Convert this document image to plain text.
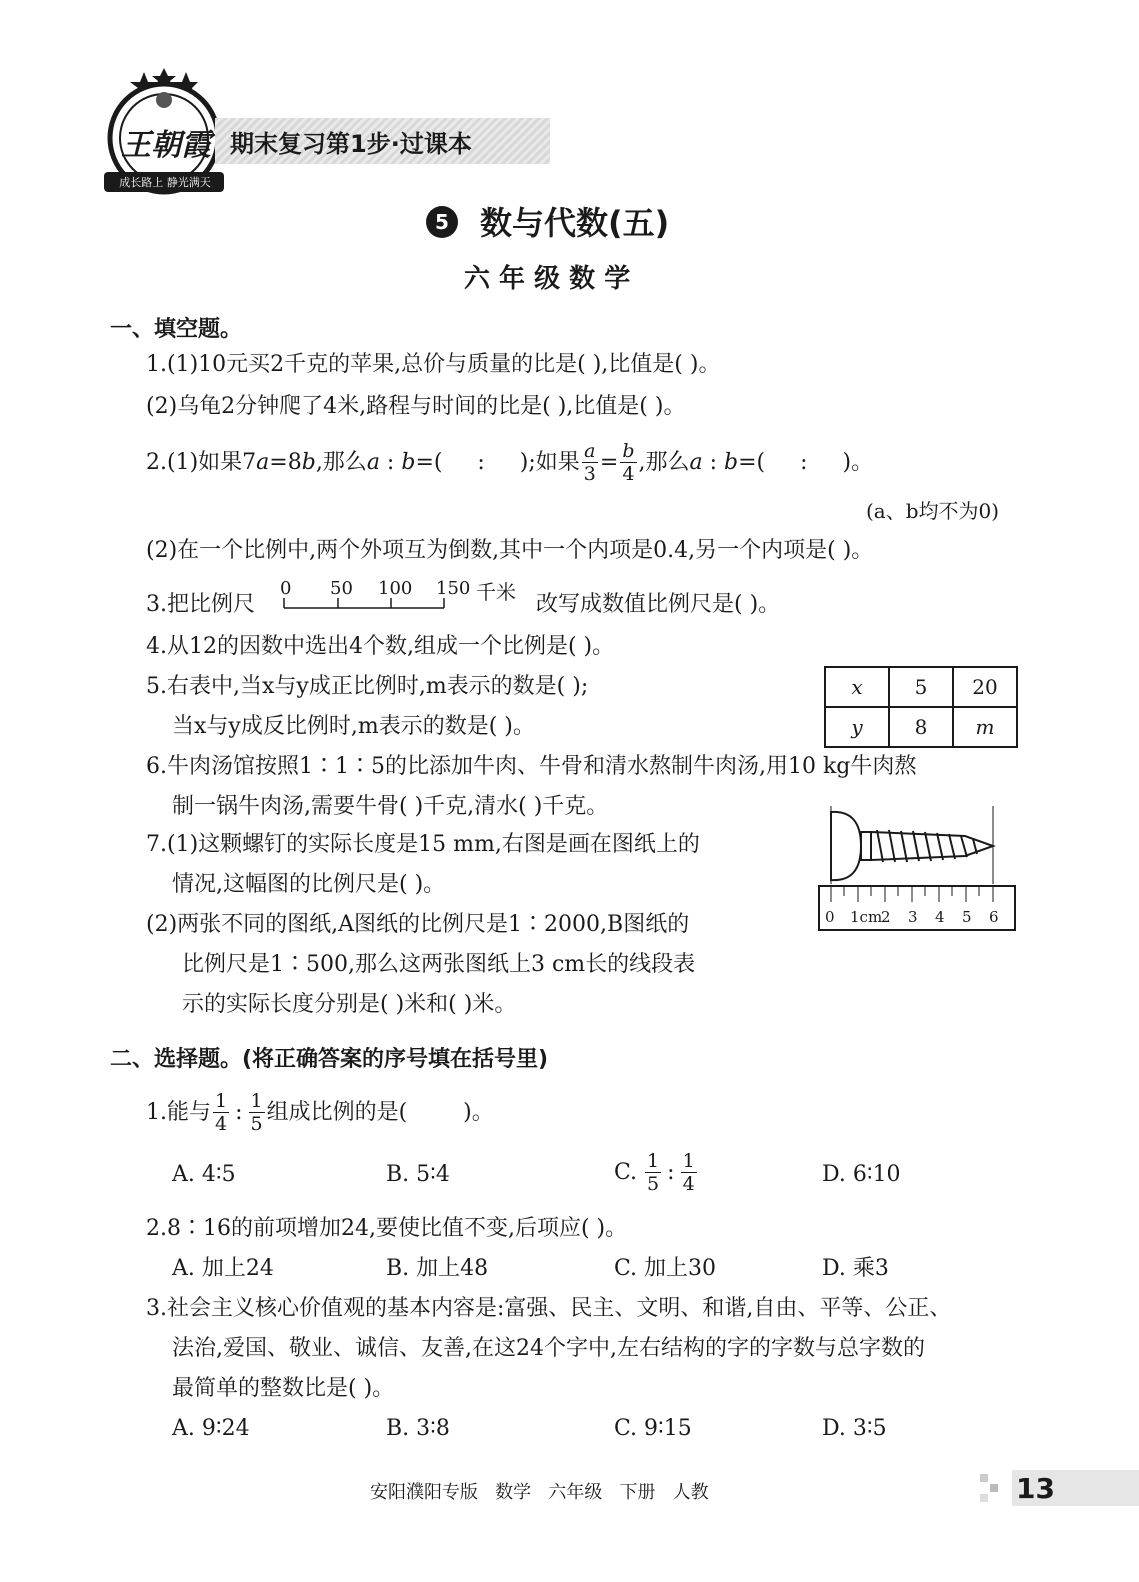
王朝霞
成长路上 静光满天
期末复习第1步·过课本
5 数与代数(五)
六 年 级 数 学
一、填空题。
1.(1)10元买2千克的苹果,总价与质量的比是( ),比值是( )。
(2)乌龟2分钟爬了4米,路程与时间的比是( ),比值是( )。
2.(1)如果7 a =8 b ,那么 a : b =(     :     );如果 $\frac{a}{3} = \frac{b}{4}$ ,那么 a : b =(     :     )。
(a、b均不为0)
(2)在一个比例中,两个外项互为倒数,其中一个内项是0.4,另一个内项是( )。
3.把比例尺
0 50 100 150 千米 改写成数值比例尺是( )。
4.从12的因数中选出4个数,组成一个比例是( )。
5.右表中,当x与y成正比例时,m表示的数是( );
当x与y成反比例时,m表示的数是( )。
x	5	20
y	8	m
6.牛肉汤馆按照1∶1∶5的比添加牛肉、牛骨和清水熬制牛肉汤,用10 kg牛肉熬
制一锅牛肉汤,需要牛骨( )千克,清水( )千克。
7.(1)这颗螺钉的实际长度是15 mm,右图是画在图纸上的
情况,这幅图的比例尺是( )。
(2)两张不同的图纸,A图纸的比例尺是1∶2000,B图纸的
比例尺是1∶500,那么这两张图纸上3 cm长的线段表
示的实际长度分别是( )米和( )米。
0 1cm
2 3 4 5 6
二、选择题。(将正确答案的序号填在括号里)
1.能与 $\frac{1}{4}$ : $\frac{1}{5}$ 组成比例的是(        )。
A. 4∶5	B. 5∶4	C. $\frac{1}{5}$ : $\frac{1}{4}$	D. 6∶10
2.8∶16的前项增加24,要使比值不变,后项应( )。
A. 加上24	B. 加上48	C. 加上30	D. 乘3
3.社会主义核心价值观的基本内容是:富强、民主、文明、和谐,自由、平等、公正、
法治,爱国、敬业、诚信、友善,在这24个字中,左右结构的字的字数与总字数的
最简单的整数比是( )。
A. 9∶24	B. 3∶8	C. 9∶15	D. 3∶5
安阳濮阳专版   数学   六年级   下册   人教	13
